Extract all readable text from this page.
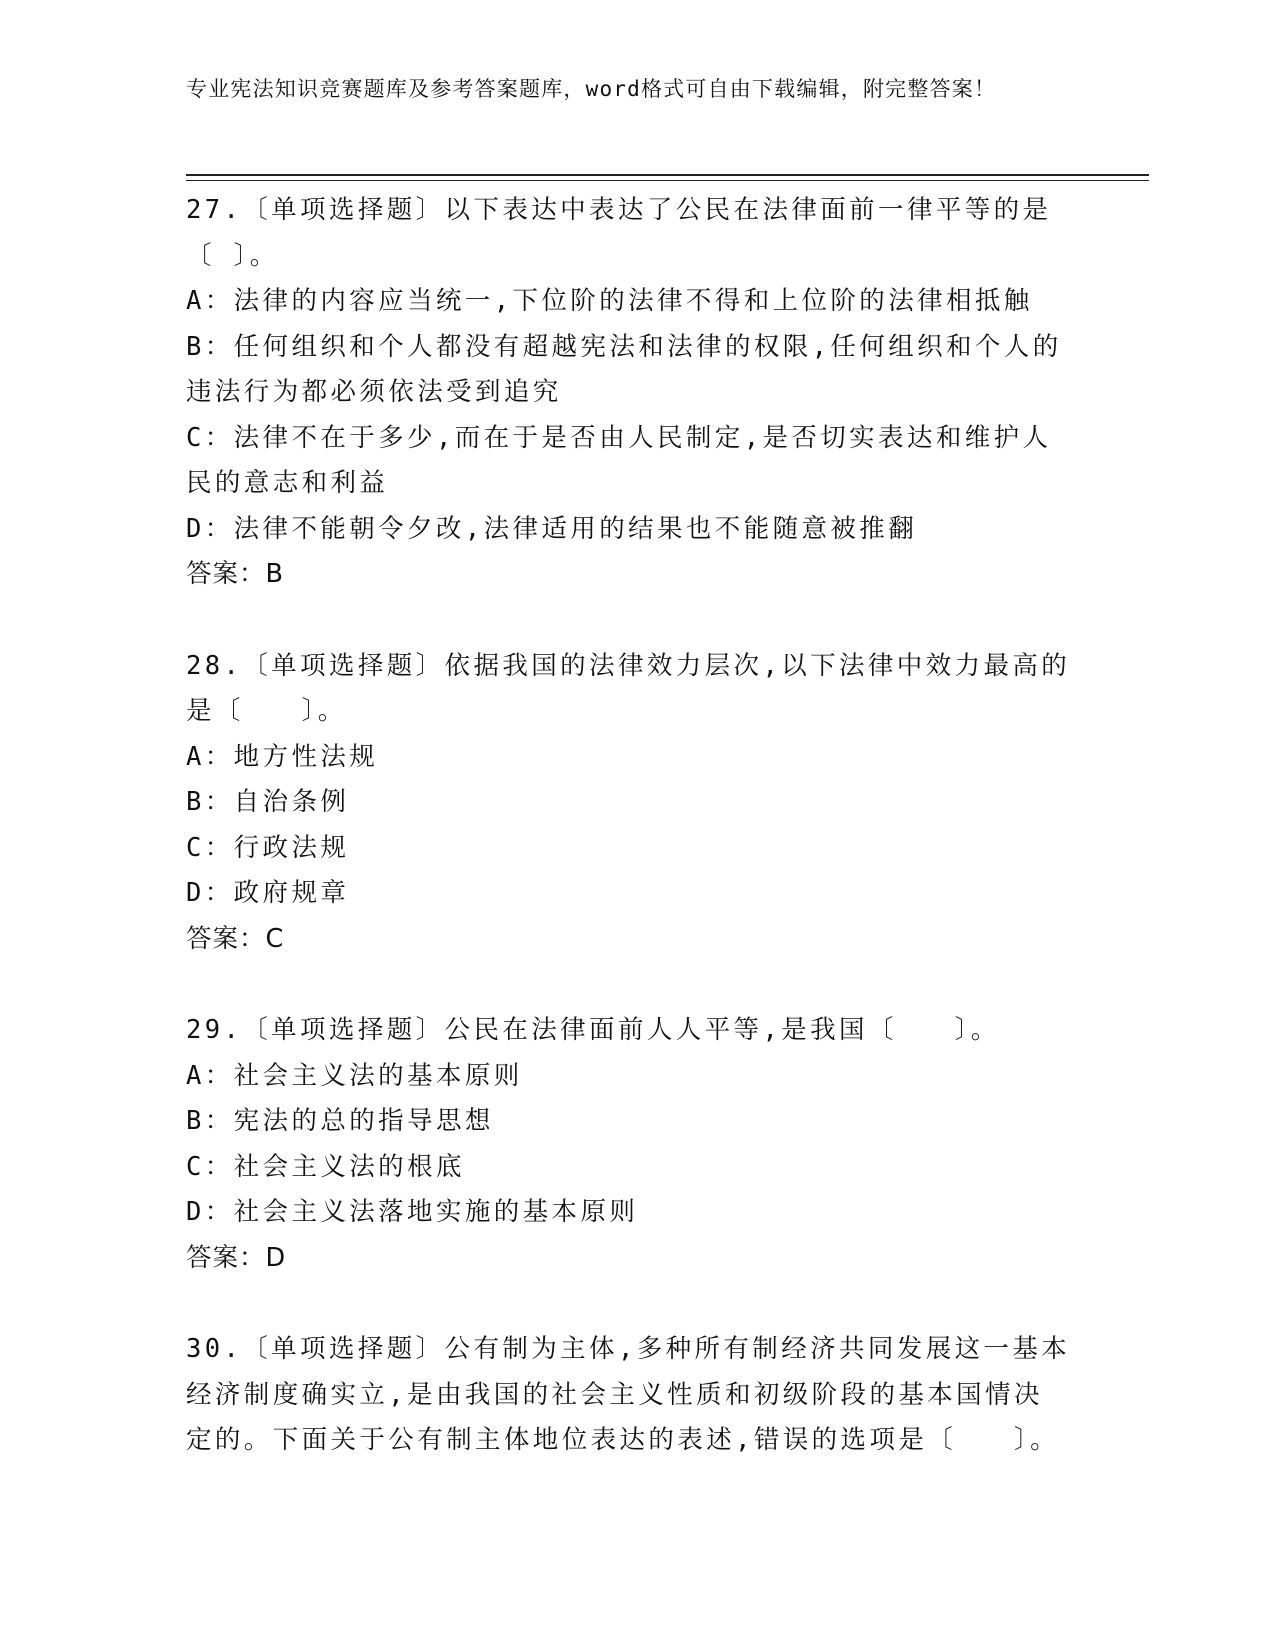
专业宪法知识竞赛题库及参考答案题库，word格式可自由下载编辑，附完整答案！
27.〔单项选择题〕以下表达中表达了公民在法律面前一律平等的是〔 〕。
A：法律的内容应当统一,下位阶的法律不得和上位阶的法律相抵触
B：任何组织和个人都没有超越宪法和法律的权限,任何组织和个人的违法行为都必须依法受到追究
C：法律不在于多少,而在于是否由人民制定,是否切实表达和维护人民的意志和利益
D：法律不能朝令夕改,法律适用的结果也不能随意被推翻
答案：B
28.〔单项选择题〕依据我国的法律效力层次,以下法律中效力最高的是〔　　〕。
A：地方性法规
B：自治条例
C：行政法规
D：政府规章
答案：C
29.〔单项选择题〕公民在法律面前人人平等,是我国〔　　〕。
A：社会主义法的基本原则
B：宪法的总的指导思想
C：社会主义法的根底
D：社会主义法落地实施的基本原则
答案：D
30.〔单项选择题〕公有制为主体,多种所有制经济共同发展这一基本经济制度确实立,是由我国的社会主义性质和初级阶段的基本国情决定的。下面关于公有制主体地位表达的表述,错误的选项是〔　　〕。
